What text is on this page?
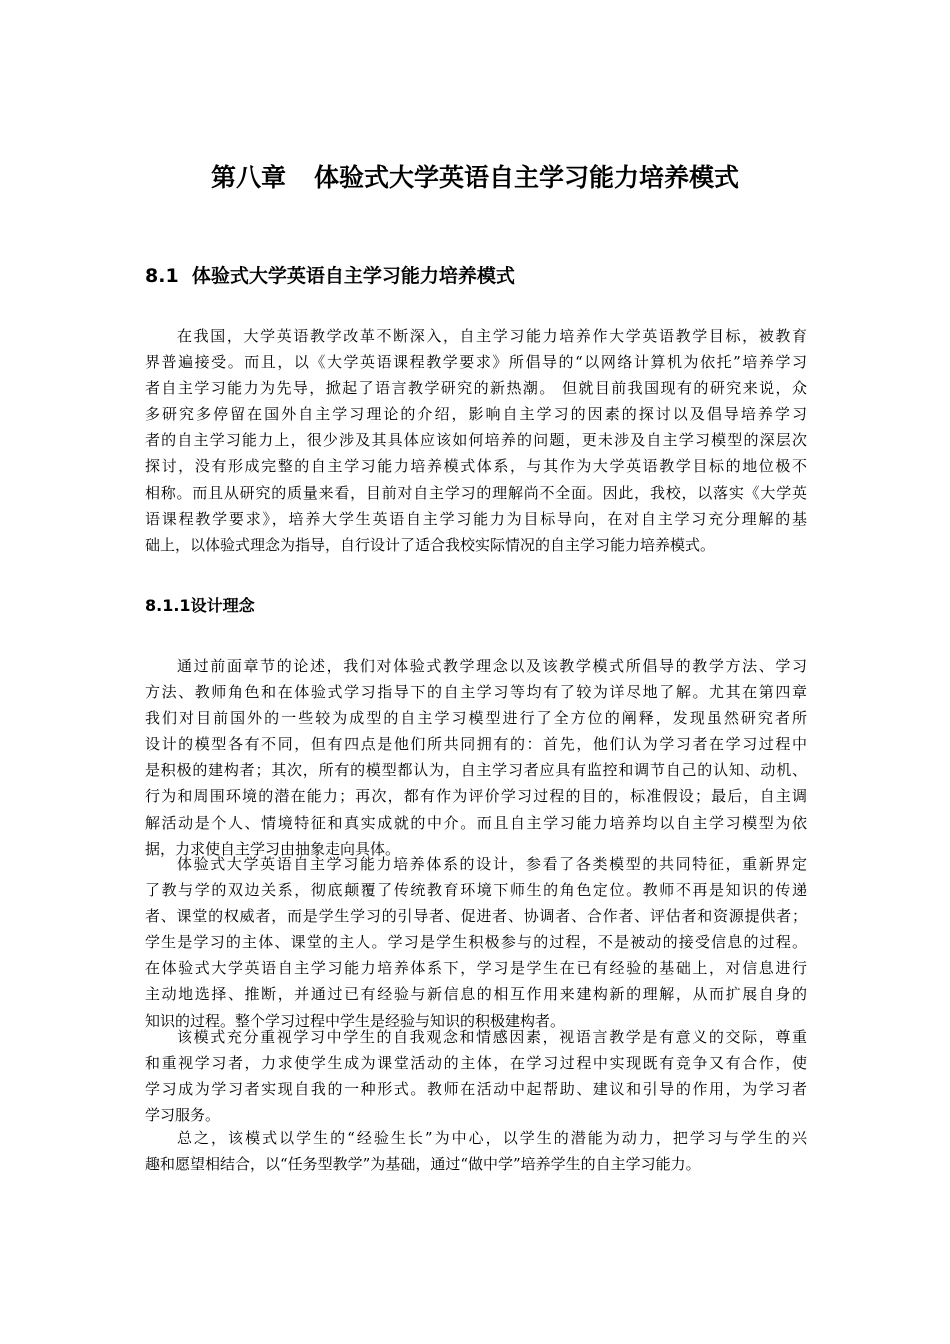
第八章 体验式大学英语自主学习能力培养模式
8.1 体验式大学英语自主学习能力培养模式
在我国，大学英语教学改革不断深入，自主学习能力培养作大学英语教学目标，被教育
界普遍接受。而且，以《大学英语课程教学要求》所倡导的“以网络计算机为依托”培养学习
者自主学习能力为先导，掀起了语言教学研究的新热潮。 但就目前我国现有的研究来说，众
多研究多停留在国外自主学习理论的介绍，影响自主学习的因素的探讨以及倡导培养学习
者的自主学习能力上，很少涉及其具体应该如何培养的问题，更未涉及自主学习模型的深层次
探讨，没有形成完整的自主学习能力培养模式体系，与其作为大学英语教学目标的地位极不
相称。而且从研究的质量来看，目前对自主学习的理解尚不全面。因此，我校，以落实《大学英
语课程教学要求》，培养大学生英语自主学习能力为目标导向，在对自主学习充分理解的基
础上，以体验式理念为指导，自行设计了适合我校实际情况的自主学习能力培养模式。
8.1.1设计理念
通过前面章节的论述，我们对体验式教学理念以及该教学模式所倡导的教学方法、学习
方法、教师角色和在体验式学习指导下的自主学习等均有了较为详尽地了解。尤其在第四章
我们对目前国外的一些较为成型的自主学习模型进行了全方位的阐释，发现虽然研究者所
设计的模型各有不同，但有四点是他们所共同拥有的：首先，他们认为学习者在学习过程中
是积极的建构者；其次，所有的模型都认为，自主学习者应具有监控和调节自己的认知、动机、
行为和周围环境的潜在能力；再次，都有作为评价学习过程的目的，标准假设；最后，自主调
解活动是个人、情境特征和真实成就的中介。而且自主学习能力培养均以自主学习模型为依
据，力求使自主学习由抽象走向具体。
体验式大学英语自主学习能力培养体系的设计，参看了各类模型的共同特征，重新界定
了教与学的双边关系，彻底颠覆了传统教育环境下师生的角色定位。教师不再是知识的传递
者、课堂的权威者，而是学生学习的引导者、促进者、协调者、合作者、评估者和资源提供者；
学生是学习的主体、课堂的主人。学习是学生积极参与的过程，不是被动的接受信息的过程。
在体验式大学英语自主学习能力培养体系下，学习是学生在已有经验的基础上，对信息进行
主动地选择、推断，并通过已有经验与新信息的相互作用来建构新的理解，从而扩展自身的
知识的过程。整个学习过程中学生是经验与知识的积极建构者。
该模式充分重视学习中学生的自我观念和情感因素，视语言教学是有意义的交际，尊重
和重视学习者，力求使学生成为课堂活动的主体，在学习过程中实现既有竞争又有合作，使
学习成为学习者实现自我的一种形式。教师在活动中起帮助、建议和引导的作用，为学习者
学习服务。
总之，该模式以学生的“经验生长”为中心，以学生的潜能为动力，把学习与学生的兴
趣和愿望相结合，以“任务型教学”为基础，通过“做中学”培养学生的自主学习能力。
